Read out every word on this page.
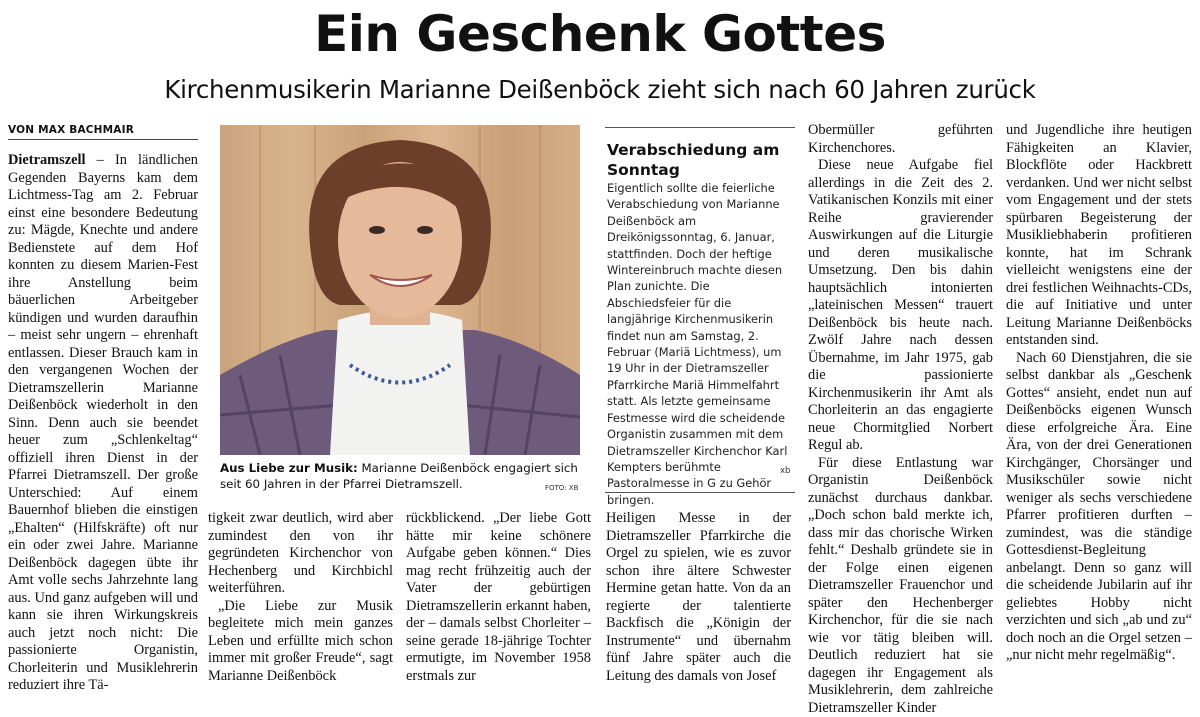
Ein Geschenk Gottes
Kirchenmusikerin Marianne Deißenböck zieht sich nach 60 Jahren zurück
VON MAX BACHMAIR

Dietramszell – In ländlichen Gegenden Bayerns kam dem Lichtmess-Tag am 2. Februar einst eine besondere Bedeutung zu: Mägde, Knechte und andere Bedienstete auf dem Hof konnten zu diesem Marien-Fest ihre Anstellung beim bäuerlichen Arbeitgeber kündigen und wurden daraufhin – meist sehr ungern – ehrenhaft entlassen. Dieser Brauch kam in den vergangenen Wochen der Dietramszellerin Marianne Deißenböck wiederholt in den Sinn. Denn auch sie beendet heuer zum „Schlenkeltag“ offiziell ihren Dienst in der Pfarrei Dietramszell. Der große Unterschied: Auf einem Bauernhof blieben die einstigen „Ehalten“ (Hilfskräfte) oft nur ein oder zwei Jahre. Marianne Deißenböck dagegen übte ihr Amt volle sechs Jahrzehnte lang aus. Und ganz aufgeben will und kann sie ihren Wirkungskreis auch jetzt noch nicht: Die passionierte Organistin, Chorleiterin und Musiklehrerin reduziert ihre Tä-

Aus Liebe zur Musik: Marianne Deißenböck engagiert sich seit 60 Jahren in der Pfarrei Dietramszell.	FOTO: XB
Verabschiedung am Sonntag
Eigentlich sollte die feierliche Verabschiedung von Marianne Deißenböck am Dreikönigssonntag, 6. Januar, stattfinden. Doch der heftige Wintereinbruch machte diesen Plan zunichte. Die Abschiedsfeier für die langjährige Kirchenmusikerin findet nun am Samstag, 2. Februar (Mariä Lichtmess), um 19 Uhr in der Dietramszeller Pfarrkirche Mariä Himmelfahrt statt. Als letzte gemeinsame Festmesse wird die scheidende Organistin zusammen mit dem Dietramszeller Kirchenchor Karl Kempters berühmte Pastoralmesse in G zu Gehör bringen.
xb

tigkeit zwar deutlich, wird aber zumindest den von ihr gegründeten Kirchenchor von Hechenberg und Kirchbichl weiterführen.

„Die Liebe zur Musik begleitete mich mein ganzes Leben und erfüllte mich schon immer mit großer Freude“, sagt Marianne Deißenböck

rückblickend. „Der liebe Gott hätte mir keine schönere Aufgabe geben können.“ Dies mag recht frühzeitig auch der Vater der gebürtigen Dietramszellerin erkannt haben, der – damals selbst Chorleiter – seine gerade 18-jährige Tochter ermutigte, im November 1958 erstmals zur

Heiligen Messe in der Dietramszeller Pfarrkirche die Orgel zu spielen, wie es zuvor schon ihre ältere Schwester Hermine getan hatte. Von da an regierte der talentierte Backfisch die „Königin der Instrumente“ und übernahm fünf Jahre später auch die Leitung des damals von Josef

Obermüller geführten Kirchenchores.

Diese neue Aufgabe fiel allerdings in die Zeit des 2. Vatikanischen Konzils mit einer Reihe gravierender Auswirkungen auf die Liturgie und deren musikalische Umsetzung. Den bis dahin hauptsächlich intonierten „lateinischen Messen“ trauert Deißenböck bis heute nach. Zwölf Jahre nach dessen Übernahme, im Jahr 1975, gab die passionierte Kirchenmusikerin ihr Amt als Chorleiterin an das engagierte neue Chormitglied Norbert Regul ab.

Für diese Entlastung war Organistin Deißenböck zunächst durchaus dankbar. „Doch schon bald merkte ich, dass mir das chorische Wirken fehlt.“ Deshalb gründete sie in der Folge einen eigenen Dietramszeller Frauenchor und später den Hechenberger Kirchenchor, für die sie nach wie vor tätig bleiben will. Deutlich reduziert hat sie dagegen ihr Engagement als Musiklehrerin, dem zahlreiche Dietramszeller Kinder

und Jugendliche ihre heutigen Fähigkeiten an Klavier, Blockflöte oder Hackbrett verdanken. Und wer nicht selbst vom Engagement und der stets spürbaren Begeisterung der Musikliebhaberin profitieren konnte, hat im Schrank vielleicht wenigstens eine der drei festlichen Weihnachts-CDs, die auf Initiative und unter Leitung Marianne Deißenböcks entstanden sind.

Nach 60 Dienstjahren, die sie selbst dankbar als „Geschenk Gottes“ ansieht, endet nun auf Deißenböcks eigenen Wunsch diese erfolgreiche Ära. Eine Ära, von der drei Generationen Kirchgänger, Chorsänger und Musikschüler sowie nicht weniger als sechs verschiedene Pfarrer profitieren durften – zumindest, was die ständige Gottesdienst-Begleitung anbelangt. Denn so ganz will die scheidende Jubilarin auf ihr geliebtes Hobby nicht verzichten und sich „ab und zu“ doch noch an die Orgel setzen – „nur nicht mehr regelmäßig“.
